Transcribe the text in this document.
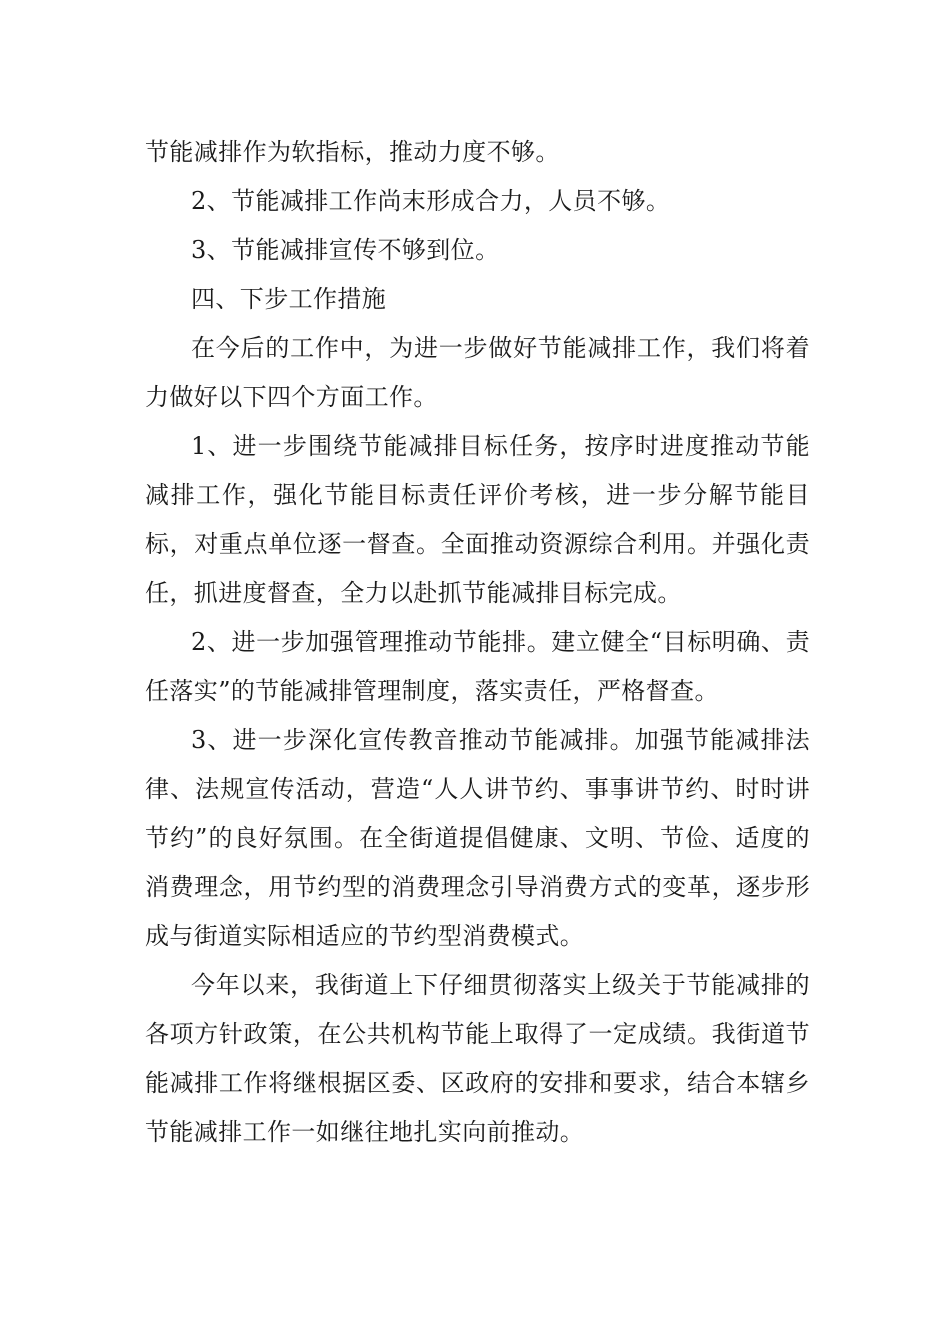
节能减排作为软指标，推动力度不够。

2、节能减排工作尚末形成合力，人员不够。

3、节能减排宣传不够到位。

四、下步工作措施

在今后的工作中，为进一步做好节能减排工作，我们将着力做好以下四个方面工作。

1、进一步围绕节能减排目标任务，按序时进度推动节能减排工作，强化节能目标责任评价考核，进一步分解节能目标，对重点单位逐一督查。全面推动资源综合利用。并强化责任，抓进度督查，全力以赴抓节能减排目标完成。

2、进一步加强管理推动节能排。建立健全“目标明确、责任落实”的节能减排管理制度，落实责任，严格督查。

3、进一步深化宣传教音推动节能减排。加强节能减排法律、法规宣传活动，营造“人人讲节约、事事讲节约、时时讲节约”的良好氛围。在全街道提倡健康、文明、节俭、适度的消费理念，用节约型的消费理念引导消费方式的变革，逐步形成与街道实际相适应的节约型消费模式。

今年以来，我街道上下仔细贯彻落实上级关于节能减排的各项方针政策，在公共机构节能上取得了一定成绩。我街道节能减排工作将继根据区委、区政府的安排和要求，结合本辖乡节能减排工作一如继往地扎实向前推动。
